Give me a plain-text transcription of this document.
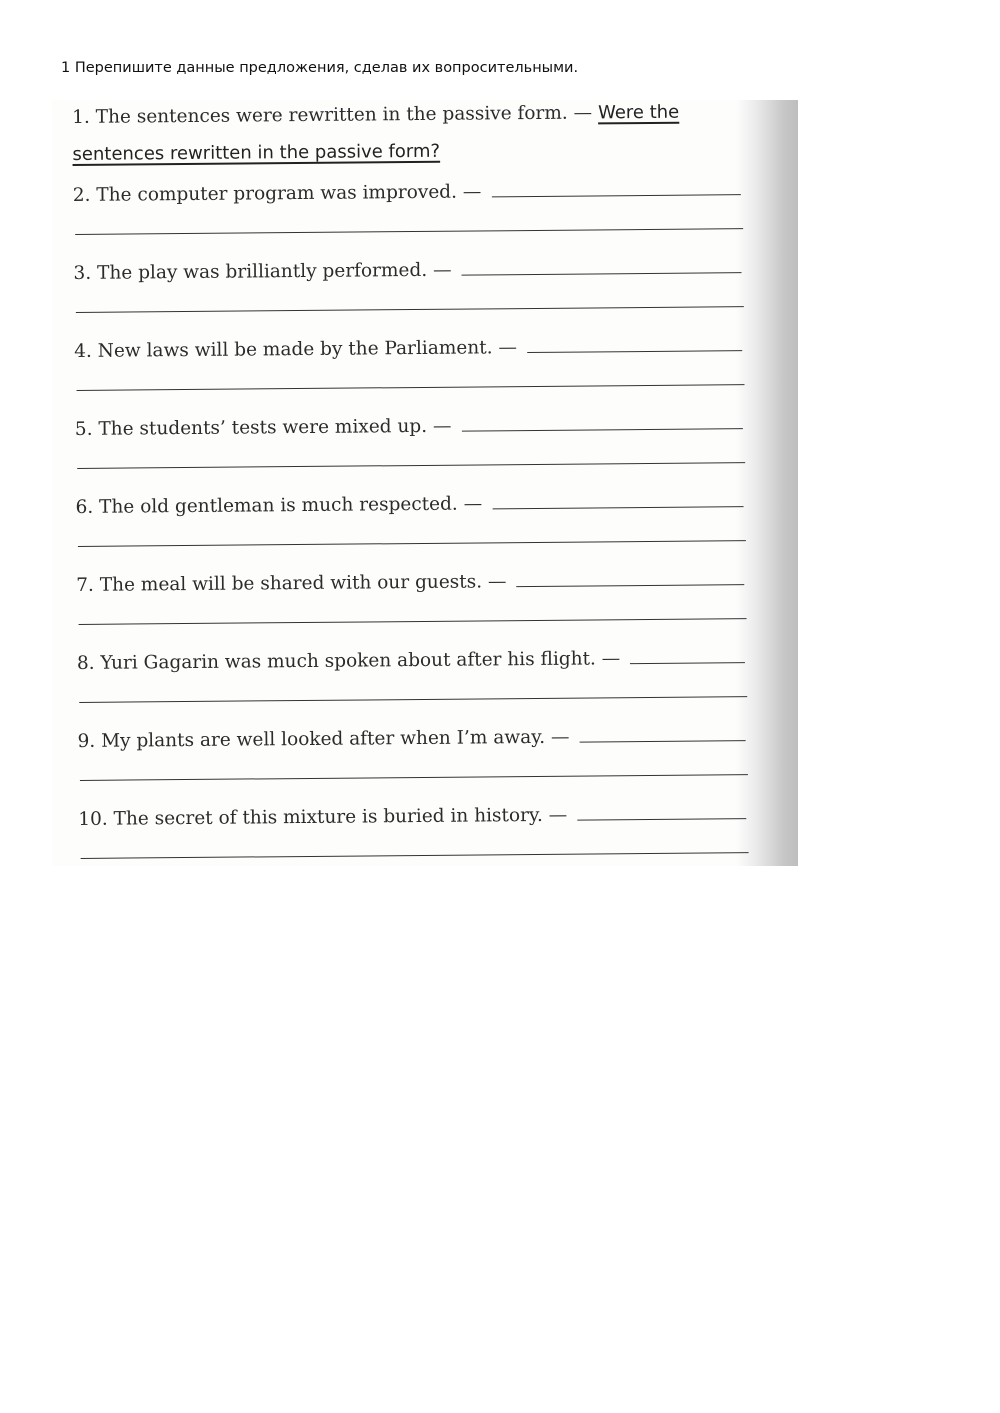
1 Перепишите данные предложения, сделав их вопросительными.
1.
The sentences were rewritten in the passive form. —
Were the
sentences rewritten in the passive form?
2.
The computer program was improved. —
3.
The play was brilliantly performed. —
4.
New laws will be made by the Parliament. —
5.
The students’ tests were mixed up. —
6.
The old gentleman is much respected. —
7.
The meal will be shared with our guests. —
8.
Yuri Gagarin was much spoken about after his flight. —
9.
My plants are well looked after when I’m away. —
10.
The secret of this mixture is buried in history. —
